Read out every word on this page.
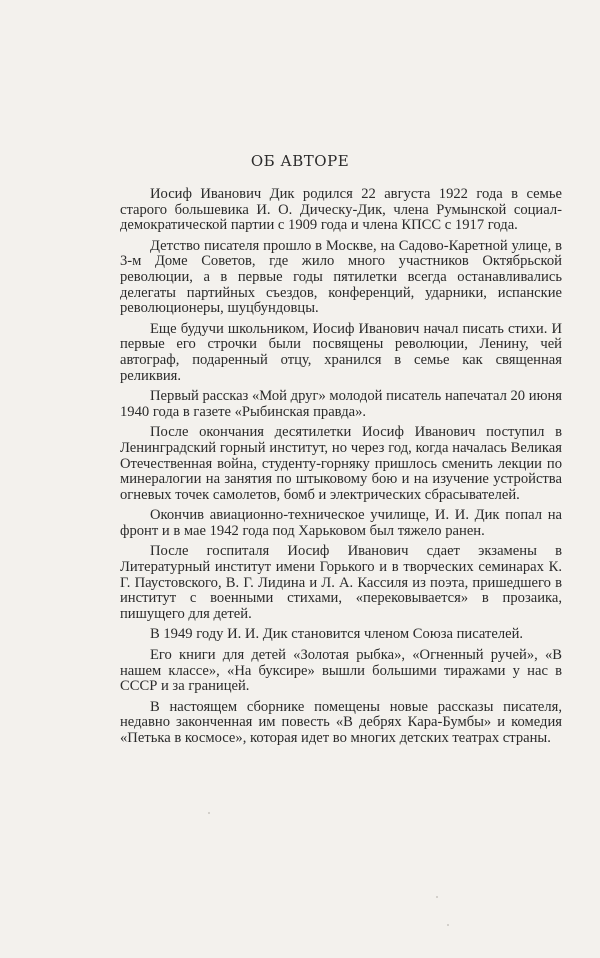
ОБ АВТОРЕ

Иосиф Иванович Дик родился 22 августа 1922 года в семье старого большевика И. О. Дическу-Дик, члена Румынской социал-демократической партии с 1909 года и члена КПСС с 1917 года.

Детство писателя прошло в Москве, на Садово-Каретной улице, в 3-м Доме Советов, где жило много участников Октябрьской революции, а в первые годы пятилетки всегда останавливались делегаты партийных съездов, конференций, ударники, испанские революционеры, шуцбундовцы.

Еще будучи школьником, Иосиф Иванович начал писать стихи. И первые его строчки были посвящены революции, Ленину, чей автограф, подаренный отцу, хранился в семье как священная реликвия.

Первый рассказ «Мой друг» молодой писатель напечатал 20 июня 1940 года в газете «Рыбинская правда».

После окончания десятилетки Иосиф Иванович поступил в Ленинградский горный институт, но через год, когда началась Великая Отечественная война, студенту-горняку пришлось сменить лекции по минералогии на занятия по штыковому бою и на изучение устройства огневых точек самолетов, бомб и электрических сбрасывателей.

Окончив авиационно-техническое училище, И. И. Дик попал на фронт и в мае 1942 года под Харьковом был тяжело ранен.

После госпиталя Иосиф Иванович сдает экзамены в Литературный институт имени Горького и в творческих семинарах К. Г. Паустовского, В. Г. Лидина и Л. А. Кассиля из поэта, пришедшего в институт с военными стихами, «перековывается» в прозаика, пишущего для детей.

В 1949 году И. И. Дик становится членом Союза писателей.

Его книги для детей «Золотая рыбка», «Огненный ручей», «В нашем классе», «На буксире» вышли большими тиражами у нас в СССР и за границей.

В настоящем сборнике помещены новые рассказы писателя, недавно законченная им повесть «В дебрях Кара-Бумбы» и комедия «Петька в космосе», которая идет во многих детских театрах страны.
